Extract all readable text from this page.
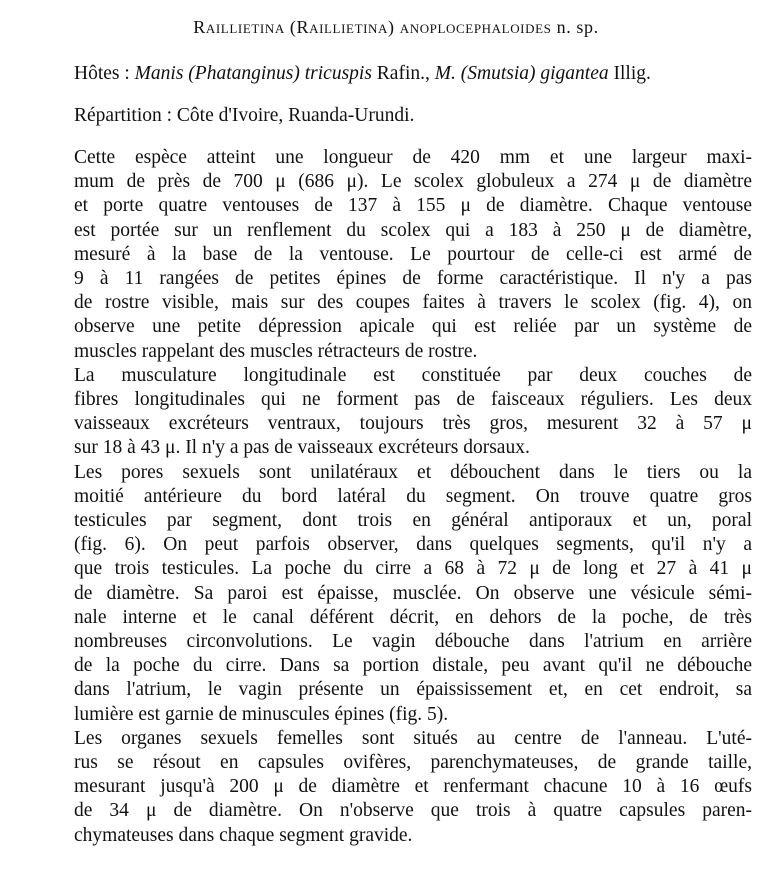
Raillietina (Raillietina) anoplocephaloides n. sp.

Hôtes : Manis (Phatanginus) tricuspis Rafin., M. (Smutsia) gigantea Illig.

Répartition : Côte d'Ivoire, Ruanda-Urundi.

Cette espèce atteint une longueur de 420 mm et une largeur maxi-
mum de près de 700 μ (686 μ). Le scolex globuleux a 274 μ de diamètre
et porte quatre ventouses de 137 à 155 μ de diamètre. Chaque ventouse
est portée sur un renflement du scolex qui a 183 à 250 μ de diamètre,
mesuré à la base de la ventouse. Le pourtour de celle-ci est armé de
9 à 11 rangées de petites épines de forme caractéristique. Il n'y a pas
de rostre visible, mais sur des coupes faites à travers le scolex (fig. 4), on
observe une petite dépression apicale qui est reliée par un système de
muscles rappelant des muscles rétracteurs de rostre.
La musculature longitudinale est constituée par deux couches de
fibres longitudinales qui ne forment pas de faisceaux réguliers. Les deux
vaisseaux excréteurs ventraux, toujours très gros, mesurent 32 à 57 μ
sur 18 à 43 μ. Il n'y a pas de vaisseaux excréteurs dorsaux.
Les pores sexuels sont unilatéraux et débouchent dans le tiers ou la
moitié antérieure du bord latéral du segment. On trouve quatre gros
testicules par segment, dont trois en général antiporaux et un, poral
(fig. 6). On peut parfois observer, dans quelques segments, qu'il n'y a
que trois testicules. La poche du cirre a 68 à 72 μ de long et 27 à 41 μ
de diamètre. Sa paroi est épaisse, musclée. On observe une vésicule sémi-
nale interne et le canal déférent décrit, en dehors de la poche, de très
nombreuses circonvolutions. Le vagin débouche dans l'atrium en arrière
de la poche du cirre. Dans sa portion distale, peu avant qu'il ne débouche
dans l'atrium, le vagin présente un épaississement et, en cet endroit, sa
lumière est garnie de minuscules épines (fig. 5).
Les organes sexuels femelles sont situés au centre de l'anneau. L'uté-
rus se résout en capsules ovifères, parenchymateuses, de grande taille,
mesurant jusqu'à 200 μ de diamètre et renfermant chacune 10 à 16 œufs
de 34 μ de diamètre. On n'observe que trois à quatre capsules paren-
chymateuses dans chaque segment gravide.
